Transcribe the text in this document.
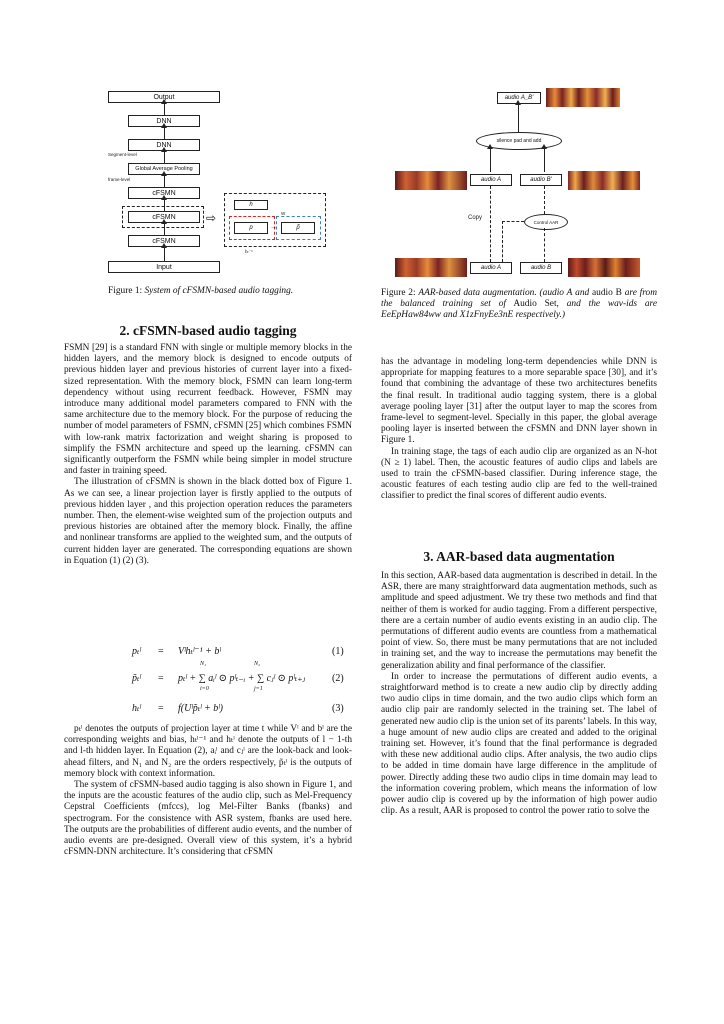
Output
DNN
DNN
Segment-level
Global Average Pooling
frame-level
cFSMN
cFSMN
cFSMN
Input
⇨
h
W
p	p̃
→
hₜ⁻¹
Figure 1: System of cFSMN-based audio tagging.
audio A_B'
silence pad and add
audio A	audio B'
Copy
Control AAR
audio A	audio B
Figure 2: AAR-based data augmentation. (audio A and audio B are from the balanced training set of Audio Set, and the wav-ids are EeEpHaw84ww and X1zFnyEe3nE respectively.)
2. cFSMN-based audio tagging

FSMN [29] is a standard FNN with single or multiple memory blocks in the hidden layers, and the memory block is designed to encode outputs of previous hidden layer and previous histories of current layer into a fixed-sized representation. With the memory block, FSMN can learn long-term dependency without using recurrent feedback. However, FSMN may introduce many additional model parameters compared to FNN with the same architecture due to the memory block. For the purpose of reducing the number of model parameters of FSMN, cFSMN [25] which combines FSMN with low-rank matrix factorization and weight sharing is proposed to simplify the FSMN architecture and speed up the learning. cFSMN can significantly outperform the FSMN while being simpler in model structure and faster in training speed.

The illustration of cFSMN is shown in the black dotted box of Figure 1. As we can see, a linear projection layer is firstly applied to the outputs of previous hidden layer , and this projection operation reduces the parameters number. Then, the element-wise weighted sum of the projection outputs and previous histories are obtained after the memory block. Finally, the affine and nonlinear transforms are applied to the weighted sum, and the outputs of current hidden layer are generated. The corresponding equations are shown in Equation (1) (2) (3).

pₜˡ = Vˡhₜˡ⁻¹ + bˡ	(1)
N₁	N₂
p̃ₜˡ = pₜˡ + ∑ aᵢˡ ⊙ pˡₜ₋ᵢ + ∑ cⱼˡ ⊙ pˡₜ₊ⱼ	(2)
i=0	j=1
hₜˡ = f(Uˡp̃ₜˡ + bˡ)	(3)

pₜˡ denotes the outputs of projection layer at time t while Vˡ and bˡ are the corresponding weights and bias, hₜˡ⁻¹ and hₜˡ denote the outputs of l − 1-th and l-th hidden layer. In Equation (2), aᵢˡ and cⱼˡ are the look-back and look-ahead filters, and N₁ and N₂ are the orders respectively, p̃ₜˡ is the outputs of memory block with context information.

The system of cFSMN-based audio tagging is also shown in Figure 1, and the inputs are the acoustic features of the audio clip, such as Mel-Frequency Cepstral Coefficients (mfccs), log Mel-Filter Banks (fbanks) and spectrogram. For the consistence with ASR system, fbanks are used here. The outputs are the probabilities of different audio events, and the number of audio events are pre-designed. Overall view of this system, it’s a hybrid cFSMN-DNN architecture. It’s considering that cFSMN

has the advantage in modeling long-term dependencies while DNN is appropriate for mapping features to a more separable space [30], and it’s found that combining the advantage of these two architectures benefits the final result. In traditional audio tagging system, there is a global average pooling layer [31] after the output layer to map the scores from frame-level to segment-level. Specially in this paper, the global average pooling layer is inserted between the cFSMN and DNN layer shown in Figure 1.

In training stage, the tags of each audio clip are organized as an N-hot (N ≥ 1) label. Then, the acoustic features of audio clips and labels are used to train the cFSMN-based classifier. During inference stage, the acoustic features of each testing audio clip are fed to the well-trained classifier to predict the final scores of different audio events.

3. AAR-based data augmentation

In this section, AAR-based data augmentation is described in detail. In the ASR, there are many straightforward data augmentation methods, such as amplitude and speed adjustment. We try these two methods and find that neither of them is worked for audio tagging. From a different perspective, there are a certain number of audio events existing in an audio clip. The permutations of different audio events are countless from a mathematical point of view. So, there must be many permutations that are not included in training set, and the way to increase the permutations may benefit the generalization ability and final performance of the classifier.

In order to increase the permutations of different audio events, a straightforward method is to create a new audio clip by directly adding two audio clips in time domain, and the two audio clips which form an audio clip pair are randomly selected in the training set. The label of generated new audio clip is the union set of its parents’ labels. In this way, a huge amount of new audio clips are created and added to the original training set. However, it’s found that the final performance is degraded with these new additional audio clips. After analysis, the two audio clips to be added in time domain have large difference in the amplitude of power. Directly adding these two audio clips in time domain may lead to the information covering problem, which means the information of low power audio clip is covered up by the information of high power audio clip. As a result, AAR is proposed to control the power ratio to solve the
